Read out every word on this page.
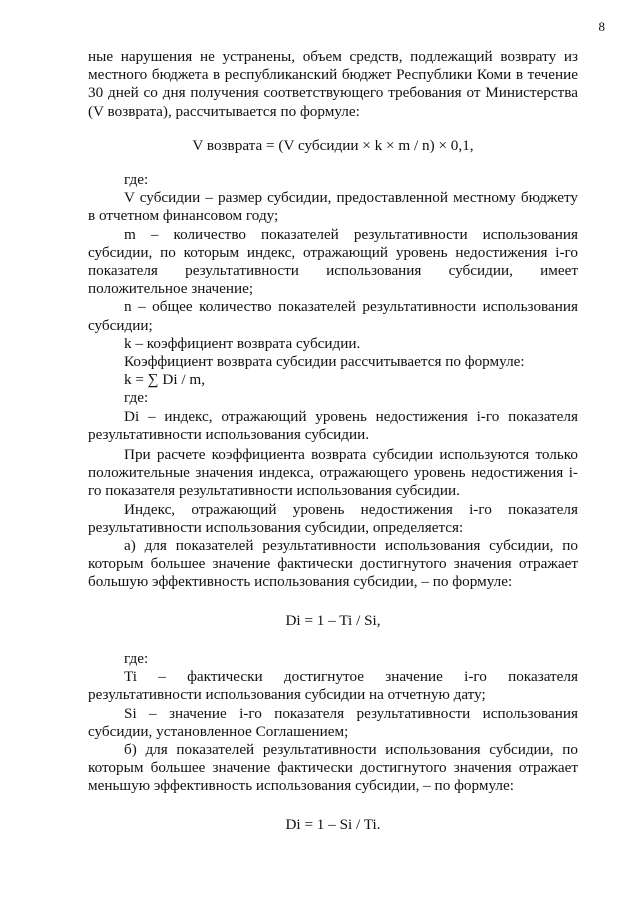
8

ные нарушения не устранены, объем средств, подлежащий возврату из местного бюджета в республиканский бюджет Республики Коми в течение 30 дней со дня получения соответствующего требования от Министерства (V возврата), рассчитывается по формуле:

V возврата = (V субсидии × k × m / n) × 0,1,

где:

V субсидии – размер субсидии, предоставленной местному бюджету в отчетном финансовом году;

m – количество показателей результативности использования субсидии, по которым индекс, отражающий уровень недостижения i-го показателя результативности использования субсидии, имеет положительное значение;

n – общее количество показателей результативности использования субсидии;

k – коэффициент возврата субсидии.

Коэффициент возврата субсидии рассчитывается по формуле:

k = ∑ Di / m,

где:

Di – индекс, отражающий уровень недостижения i-го показателя результативности использования субсидии.

При расчете коэффициента возврата субсидии используются только положительные значения индекса, отражающего уровень недостижения i-го показателя результативности использования субсидии.

Индекс, отражающий уровень недостижения i-го показателя результативности использования субсидии, определяется:

а) для показателей результативности использования субсидии, по которым большее значение фактически достигнутого значения отражает большую эффективность использования субсидии, – по формуле:

Di = 1 – Ti / Si,

где:

Ti – фактически достигнутое значение i-го показателя результативности использования субсидии на отчетную дату;

Si – значение i-го показателя результативности использования субсидии, установленное Соглашением;

б) для показателей результативности использования субсидии, по которым большее значение фактически достигнутого значения отражает меньшую эффективность использования субсидии, – по формуле:

Di = 1 – Si / Ti.
